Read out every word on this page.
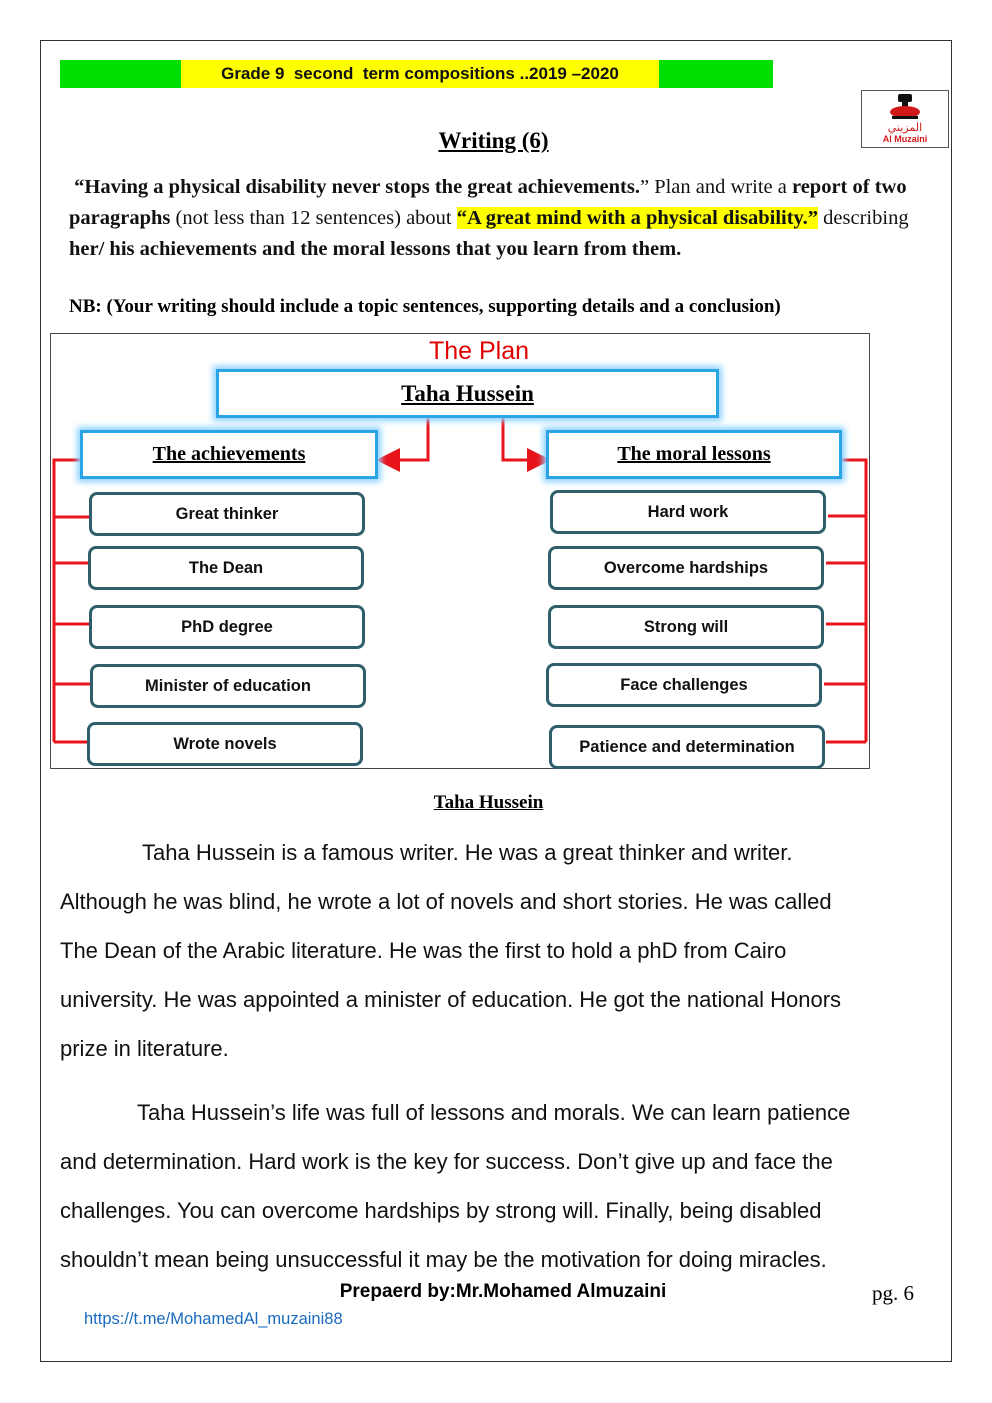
Grade 9  second  term compositions ..2019 –2020
المزيني
Al Muzaini
Writing (6)
“Having a physical disability never stops the great achievements.” Plan and write a report of two paragraphs (not less than 12 sentences) about “A great mind with a physical disability.” describing her/ his achievements and the moral lessons that you learn from them.
NB: (Your writing should include a topic sentences, supporting details and a conclusion)
The Plan
Taha Hussein
The achievements	The moral lessons
Great thinker
The Dean
PhD degree
Minister of education
Wrote novels
Hard work
Overcome hardships
Strong will
Face challenges
Patience and determination
Taha Hussein
Taha Hussein is a famous writer. He was a great thinker and writer.
Although he was blind, he wrote a lot of novels and short stories. He was called
The Dean of the Arabic literature. He was the first to hold a phD from Cairo
university. He was appointed a minister of education. He got the national Honors
prize in literature.
Taha Hussein’s life was full of lessons and morals. We can learn patience
and determination. Hard work is the key for success. Don’t give up and face the
challenges. You can overcome hardships by strong will. Finally, being disabled
shouldn’t mean being unsuccessful it may be the motivation for doing miracles.
Prepaerd by:Mr.Mohamed Almuzaini	pg. 6
https://t.me/MohamedAl_muzaini88
